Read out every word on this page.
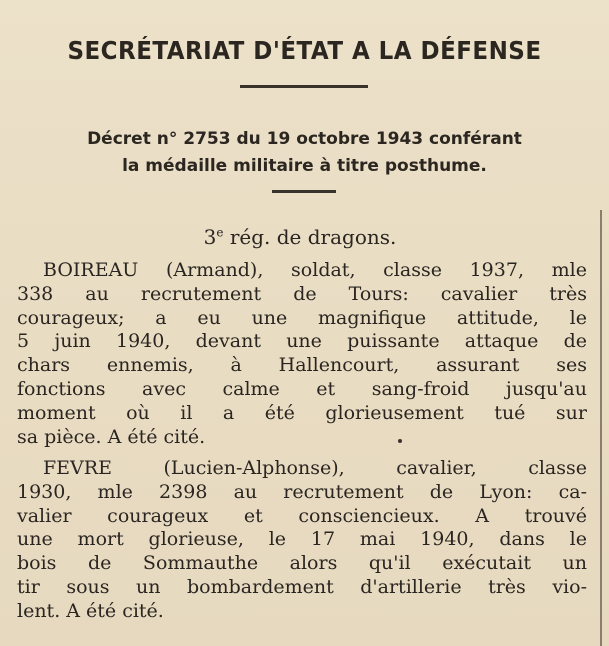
SECRÉTARIAT D'ÉTAT A LA DÉFENSE
Décret n° 2753 du 19 octobre 1943 conférant
la médaille militaire à titre posthume.
3e rég. de dragons.
BOIREAU (Armand), soldat, classe 1937, mle
338 au recrutement de Tours: cavalier très
courageux; a eu une magnifique attitude, le
5 juin 1940, devant une puissante attaque de
chars ennemis, à Hallencourt, assurant ses
fonctions avec calme et sang-froid jusqu'au
moment où il a été glorieusement tué sur
sa pièce. A été cité.
FEVRE (Lucien-Alphonse), cavalier, classe
1930, mle 2398 au recrutement de Lyon: ca-
valier courageux et consciencieux. A trouvé
une mort glorieuse, le 17 mai 1940, dans le
bois de Sommauthe alors qu'il exécutait un
tir sous un bombardement d'artillerie très vio-
lent. A été cité.
